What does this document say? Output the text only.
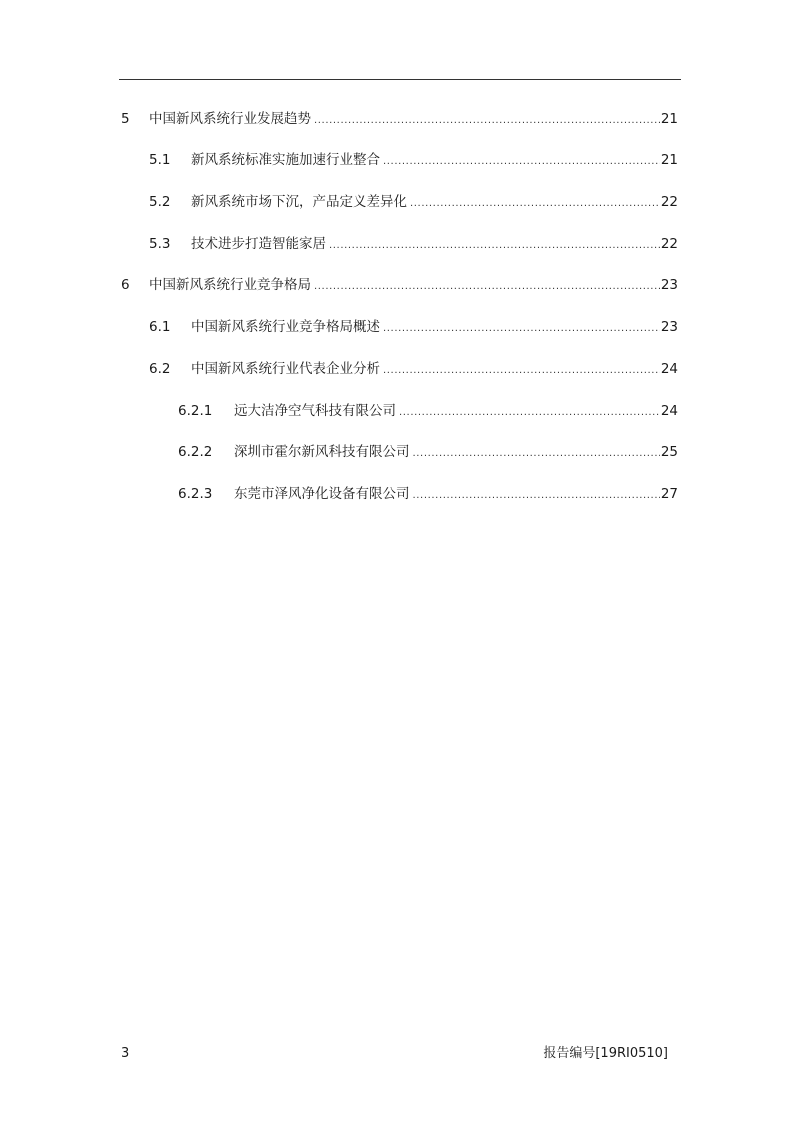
5	中国新风系统行业发展趋势 .....	21
5.1	新风系统标准实施加速行业整合 .....	21
5.2	新风系统市场下沉，产品定义差异化 .....	22
5.3	技术进步打造智能家居 .....	22
6	中国新风系统行业竞争格局 .....	23
6.1	中国新风系统行业竞争格局概述 .....	23
6.2	中国新风系统行业代表企业分析 .....	24
6.2.1	远大洁净空气科技有限公司 .....	24
6.2.2	深圳市霍尔新风科技有限公司 .....	25
6.2.3	东莞市泽风净化设备有限公司 .....	27
3	报告编号[19RI0510]
